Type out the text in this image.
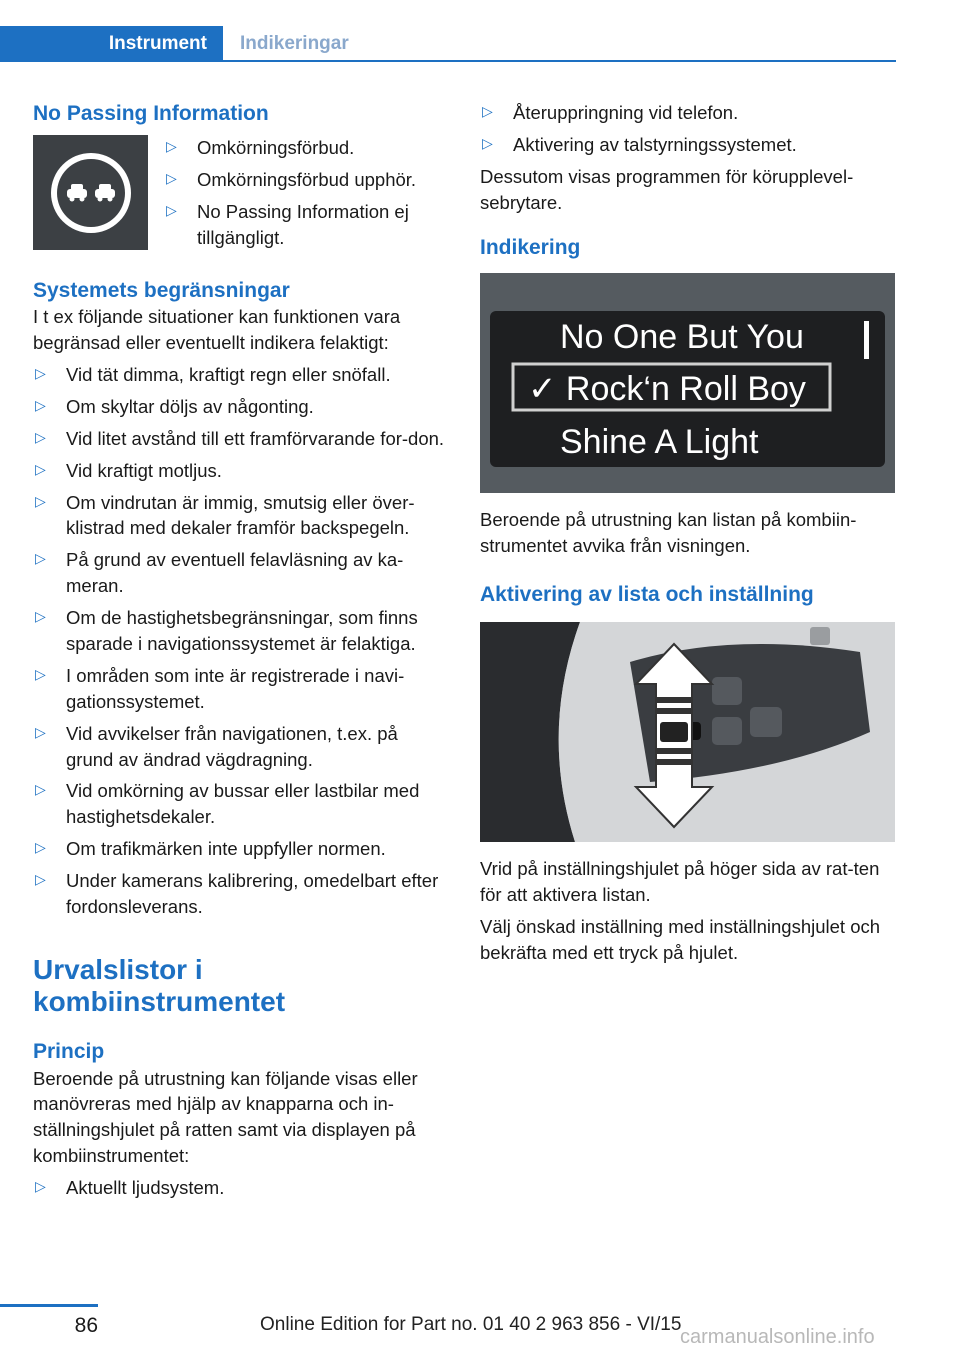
Instrument	Indikeringar
No Passing Information
▷ Omkörningsförbud.
▷ Omkörningsförbud upphör.
▷ No Passing Information ej tillgängligt.
Systemets begränsningar

I t ex följande situationer kan funktionen vara begränsad eller eventuellt indikera felaktigt:

▷ Vid tät dimma, kraftigt regn eller snöfall.
▷ Om skyltar döljs av någonting.
▷ Vid litet avstånd till ett framförvarande for-don.
▷ Vid kraftigt motljus.
▷ Om vindrutan är immig, smutsig eller över-klistrad med dekaler framför backspegeln.
▷ På grund av eventuell felavläsning av ka-meran.
▷ Om de hastighetsbegränsningar, som finns sparade i navigationssystemet är felaktiga.
▷ I områden som inte är registrerade i navi-gationssystemet.
▷ Vid avvikelser från navigationen, t.ex. på grund av ändrad vägdragning.
▷ Vid omkörning av bussar eller lastbilar med hastighetsdekaler.
▷ Om trafikmärken inte uppfyller normen.
▷ Under kamerans kalibrering, omedelbart efter fordonsleverans.
Urvalslistor i kombiinstrumentet
Princip

Beroende på utrustning kan följande visas eller manövreras med hjälp av knapparna och in-ställningshjulet på ratten samt via displayen på kombiinstrumentet:

▷ Aktuellt ljudsystem.
▷ Återuppringning vid telefon.
▷ Aktivering av talstyrningssystemet.

Dessutom visas programmen för körupplevel-sebrytare.

Indikering
No One But You
✓ Rock‘n Roll Boy
Shine A Light

Beroende på utrustning kan listan på kombiin-strumentet avvika från visningen.

Aktivering av lista och inställning

Vrid på inställningshjulet på höger sida av rat-ten för att aktivera listan.

Välj önskad inställning med inställningshjulet och bekräfta med ett tryck på hjulet.

86	Online Edition for Part no. 01 40 2 963 856 - VI/15
carmanualsonline.info
